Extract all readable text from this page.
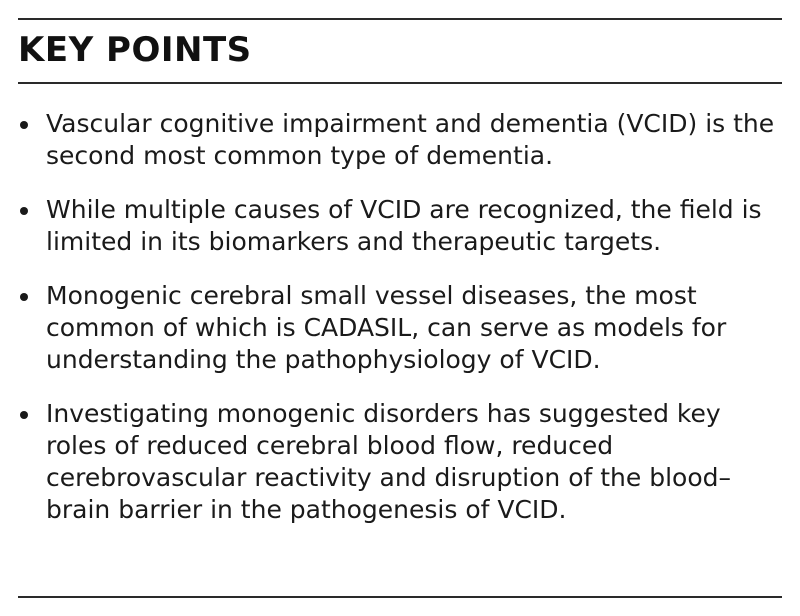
KEY POINTS
Vascular cognitive impairment and dementia (VCID) is the second most common type of dementia.
While multiple causes of VCID are recognized, the field is limited in its biomarkers and therapeutic targets.
Monogenic cerebral small vessel diseases, the most common of which is CADASIL, can serve as models for understanding the pathophysiology of VCID.
Investigating monogenic disorders has suggested key roles of reduced cerebral blood flow, reduced cerebrovascular reactivity and disruption of the blood–brain barrier in the pathogenesis of VCID.
